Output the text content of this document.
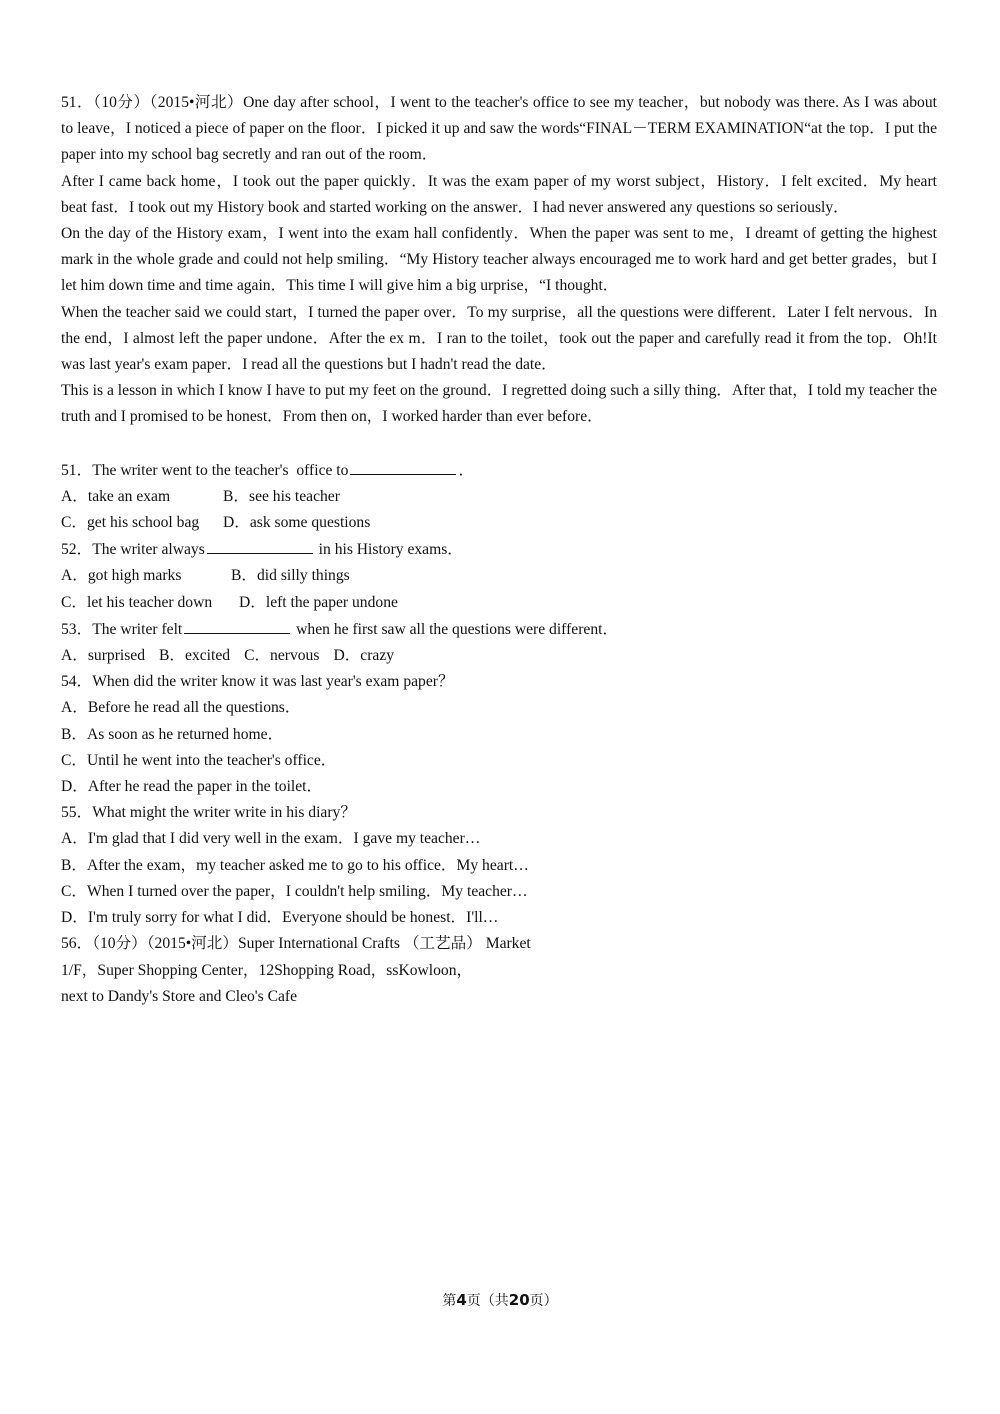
51．（10分）（2015•河北）One day after school，I went to the teacher's office to see my teacher，but nobody was there. As I was about to leave，I noticed a piece of paper on the floor．I picked it up and saw the words“FINAL－TERM EXAMINATION“at the top．I put the paper into my school bag secretly and ran out of the room．

After I came back home，I took out the paper quickly．It was the exam paper of my worst subject，History．I felt excited．My heart beat fast．I took out my History book and started working on the answer．I had never answered any questions so seriously．

On the day of the History exam，I went into the exam hall confidently．When the paper was sent to me，I dreamt of getting the highest mark in the whole grade and could not help smiling．“My History teacher always encouraged me to work hard and get better grades，but I let him down time and time again．This time I will give him a big urprise，“I thought．

When the teacher said we could start，I turned the paper over．To my surprise，all the questions were different．Later I felt nervous．In the end，I almost left the paper undone．After the ex m．I ran to the toilet，took out the paper and carefully read it from the top．Oh!It was last year's exam paper．I read all the questions but I hadn't read the date．

This is a lesson in which I know I have to put my feet on the ground．I regretted doing such a silly thing．After that，I told my teacher the truth and I promised to be honest．From then on，I worked harder than ever before．

51．The writer went to the teacher's  office to	．

A．take an exam	B．see his teacher

C．get his school bag D．ask some questions

52．The writer always	in his History exams．

A．got high marks	B．did silly things

C．let his teacher down D．left the paper undone

53．The writer felt	when he first saw all the questions were different．

A．surprised B．excited C．nervous D．crazy

54．When did the writer know it was last year's exam paper？

A．Before he read all the questions．

B．As soon as he returned home．

C．Until he went into the teacher's office．

D．After he read the paper in the toilet．

55．What might the writer write in his diary？

A．I'm glad that I did very well in the exam．I gave my teacher…

B．After the exam，my teacher asked me to go to his office．My heart…

C．When I turned over the paper，I couldn't help smiling．My teacher…

D．I'm truly sorry for what I did．Everyone should be honest．I'll…

56．（10分）（2015•河北）Super International Crafts （工艺品） Market

1/F，Super Shopping Center，12Shopping Road，ssKowloon，

next to Dandy's Store and Cleo's Cafe

第4页（共20页）
